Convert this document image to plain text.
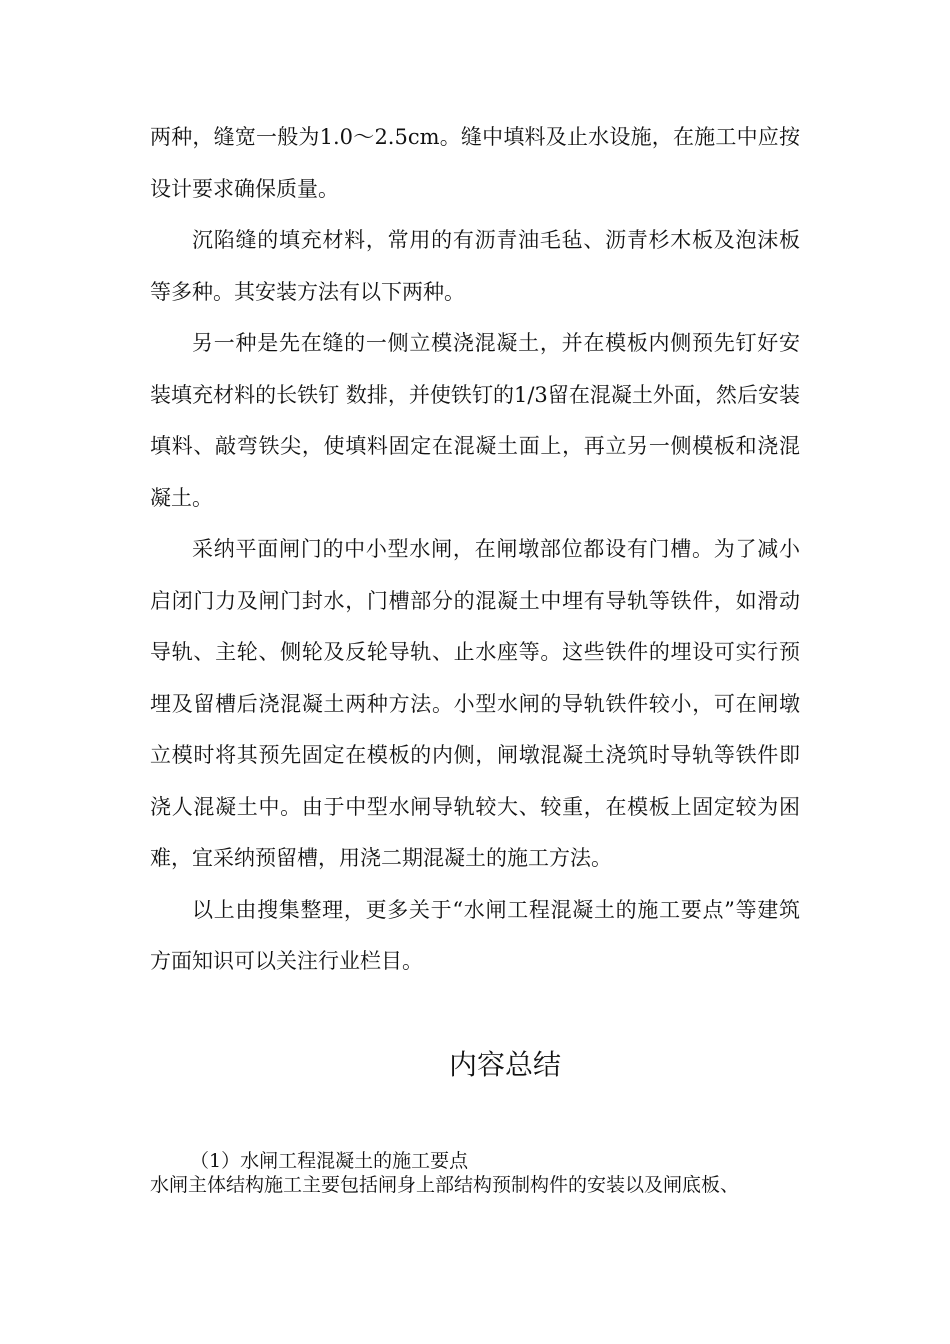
两种，缝宽一般为1.0～2.5cm。缝中填料及止水设施，在施工中应按设计要求确保质量。

沉陷缝的填充材料，常用的有沥青油毛毡、沥青杉木板及泡沫板等多种。其安装方法有以下两种。

另一种是先在缝的一侧立模浇混凝土，并在模板内侧预先钉好安装填充材料的长铁钉 数排，并使铁钉的1/3留在混凝土外面，然后安装填料、敲弯铁尖，使填料固定在混凝土面上，再立另一侧模板和浇混凝土。

采纳平面闸门的中小型水闸，在闸墩部位都设有门槽。为了减小启闭门力及闸门封水，门槽部分的混凝土中埋有导轨等铁件，如滑动导轨、主轮、侧轮及反轮导轨、止水座等。这些铁件的埋设可实行预埋及留槽后浇混凝土两种方法。小型水闸的导轨铁件较小，可在闸墩立模时将其预先固定在模板的内侧，闸墩混凝土浇筑时导轨等铁件即浇人混凝土中。由于中型水闸导轨较大、较重，在模板上固定较为困难，宜采纳预留槽，用浇二期混凝土的施工方法。

以上由搜集整理，更多关于“水闸工程混凝土的施工要点”等建筑方面知识可以关注行业栏目。

内容总结

（1）水闸工程混凝土的施工要点

水闸主体结构施工主要包括闸身上部结构预制构件的安装以及闸底板、
